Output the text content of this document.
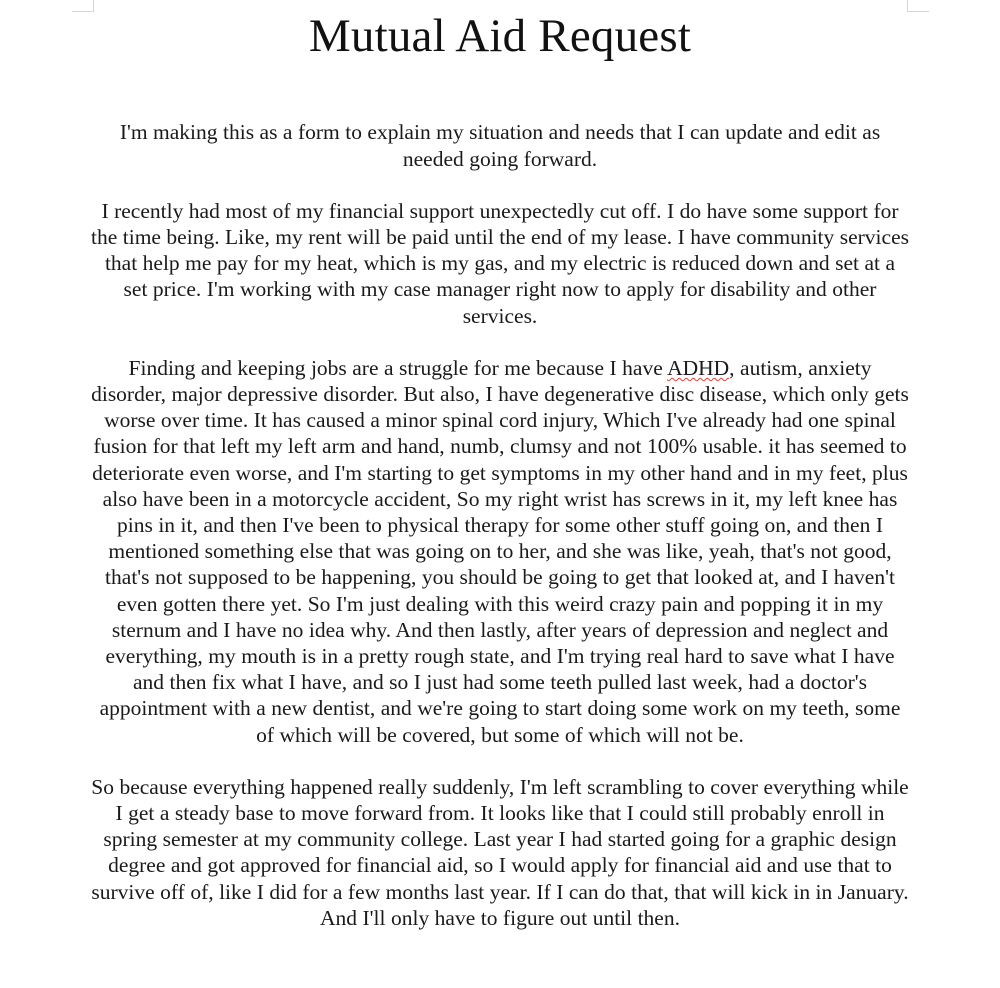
Mutual Aid Request

I'm making this as a form to explain my situation and needs that I can update and edit as needed going forward.

I recently had most of my financial support unexpectedly cut off. I do have some support for the time being. Like, my rent will be paid until the end of my lease. I have community services that help me pay for my heat, which is my gas, and my electric is reduced down and set at a set price. I'm working with my case manager right now to apply for disability and other services.

Finding and keeping jobs are a struggle for me because I have ADHD, autism, anxiety disorder, major depressive disorder. But also, I have degenerative disc disease, which only gets worse over time. It has caused a minor spinal cord injury, Which I've already had one spinal fusion for that left my left arm and hand, numb, clumsy and not 100% usable. it has seemed to deteriorate even worse, and I'm starting to get symptoms in my other hand and in my feet, plus also have been in a motorcycle accident, So my right wrist has screws in it, my left knee has pins in it, and then I've been to physical therapy for some other stuff going on, and then I mentioned something else that was going on to her, and she was like, yeah, that's not good, that's not supposed to be happening, you should be going to get that looked at, and I haven't even gotten there yet. So I'm just dealing with this weird crazy pain and popping it in my sternum and I have no idea why. And then lastly, after years of depression and neglect and everything, my mouth is in a pretty rough state, and I'm trying real hard to save what I have and then fix what I have, and so I just had some teeth pulled last week, had a doctor's appointment with a new dentist, and we're going to start doing some work on my teeth, some of which will be covered, but some of which will not be.

So because everything happened really suddenly, I'm left scrambling to cover everything while I get a steady base to move forward from. It looks like that I could still probably enroll in spring semester at my community college. Last year I had started going for a graphic design degree and got approved for financial aid, so I would apply for financial aid and use that to survive off of, like I did for a few months last year. If I can do that, that will kick in in January. And I'll only have to figure out until then.
